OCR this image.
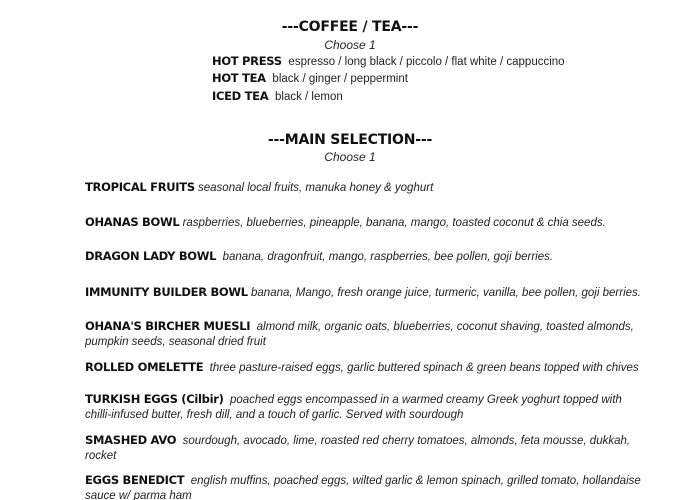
---COFFEE / TEA---
Choose 1
HOT PRESS espresso / long black / piccolo / flat white / cappuccino
HOT TEA black / ginger / peppermint
ICED TEA black / lemon
---MAIN SELECTION---
Choose 1
TROPICAL FRUITS seasonal local fruits, manuka honey & yoghurt
OHANAS BOWL raspberries, blueberries, pineapple, banana, mango, toasted coconut & chia seeds.
DRAGON LADY BOWL banana, dragonfruit, mango, raspberries, bee pollen, goji berries.
IMMUNITY BUILDER BOWL banana, Mango, fresh orange juice, turmeric, vanilla, bee pollen, goji berries.
OHANA'S BIRCHER MUESLI almond milk, organic oats, blueberries, coconut shaving, toasted almonds, pumpkin seeds, seasonal dried fruit
ROLLED OMELETTE three pasture-raised eggs, garlic buttered spinach & green beans topped with chives
TURKISH EGGS (Cilbir) poached eggs encompassed in a warmed creamy Greek yoghurt topped with chilli-infused butter, fresh dill, and a touch of garlic. Served with sourdough
SMASHED AVO sourdough, avocado, lime, roasted red cherry tomatoes, almonds, feta mousse, dukkah, rocket
EGGS BENEDICT english muffins, poached eggs, wilted garlic & lemon spinach, grilled tomato, hollandaise sauce w/ parma ham
